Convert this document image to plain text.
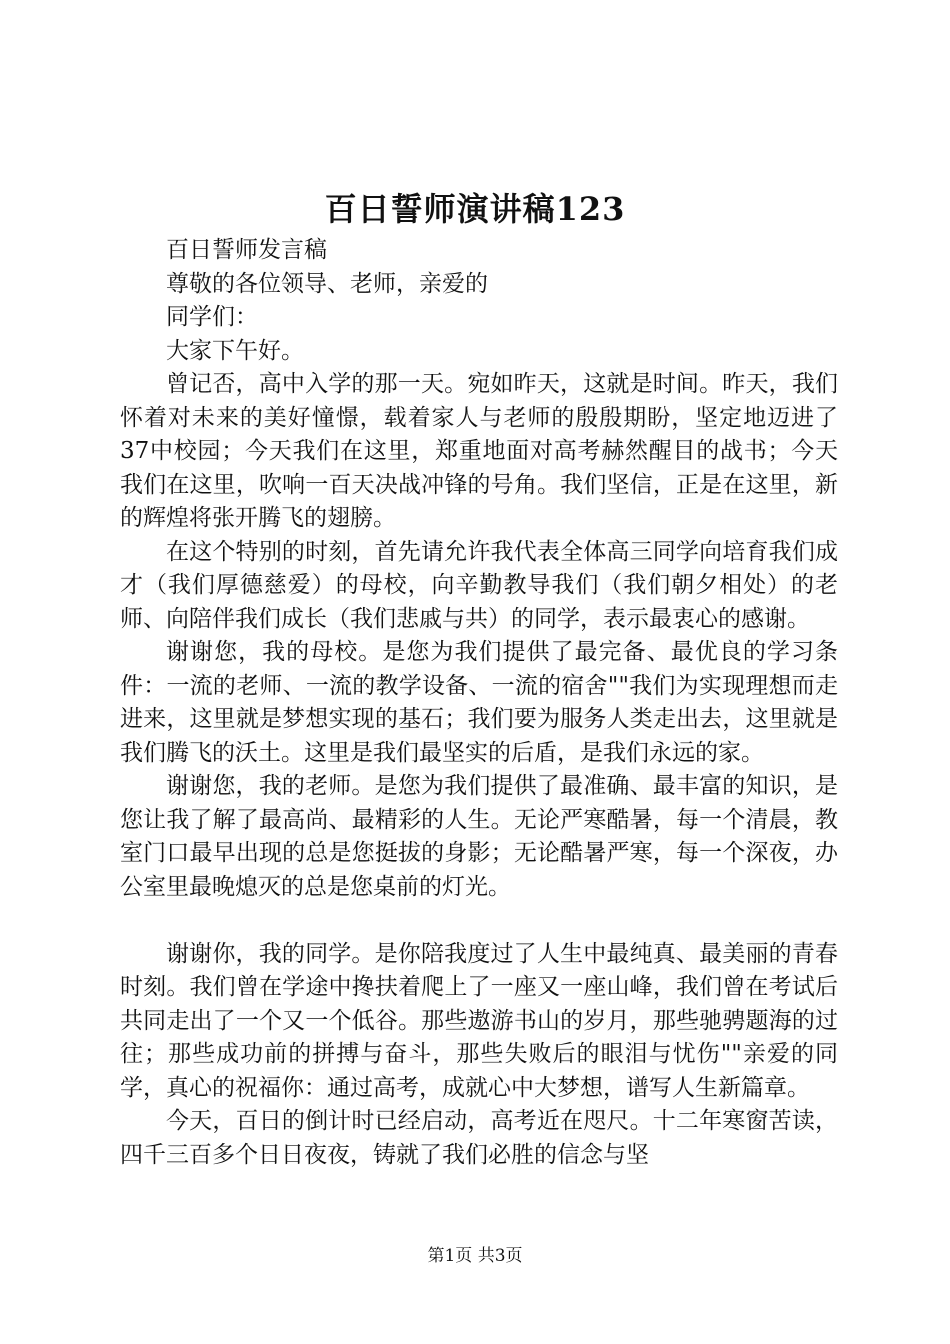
百日誓师演讲稿123

百日誓师发言稿

尊敬的各位领导、老师，亲爱的

同学们：

大家下午好。

曾记否，高中入学的那一天。宛如昨天，这就是时间。昨天，我们怀着对未来的美好憧憬，载着家人与老师的殷殷期盼，坚定地迈进了37中校园；今天我们在这里，郑重地面对高考赫然醒目的战书；今天我们在这里，吹响一百天决战冲锋的号角。我们坚信，正是在这里，新的辉煌将张开腾飞的翅膀。

在这个特别的时刻，首先请允许我代表全体高三同学向培育我们成才（我们厚德慈爱）的母校，向辛勤教导我们（我们朝夕相处）的老师、向陪伴我们成长（我们悲戚与共）的同学，表示最衷心的感谢。

谢谢您，我的母校。是您为我们提供了最完备、最优良的学习条件：一流的老师、一流的教学设备、一流的宿舍""我们为实现理想而走进来，这里就是梦想实现的基石；我们要为服务人类走出去，这里就是我们腾飞的沃土。这里是我们最坚实的后盾，是我们永远的家。

谢谢您，我的老师。是您为我们提供了最准确、最丰富的知识，是您让我了解了最高尚、最精彩的人生。无论严寒酷暑，每一个清晨，教室门口最早出现的总是您挺拔的身影；无论酷暑严寒，每一个深夜，办公室里最晚熄灭的总是您桌前的灯光。

谢谢你，我的同学。是你陪我度过了人生中最纯真、最美丽的青春时刻。我们曾在学途中搀扶着爬上了一座又一座山峰，我们曾在考试后共同走出了一个又一个低谷。那些遨游书山的岁月，那些驰骋题海的过往；那些成功前的拼搏与奋斗，那些失败后的眼泪与忧伤""亲爱的同学，真心的祝福你：通过高考，成就心中大梦想，谱写人生新篇章。

今天，百日的倒计时已经启动，高考近在咫尺。十二年寒窗苦读，四千三百多个日日夜夜，铸就了我们必胜的信念与坚

第1页 共3页
